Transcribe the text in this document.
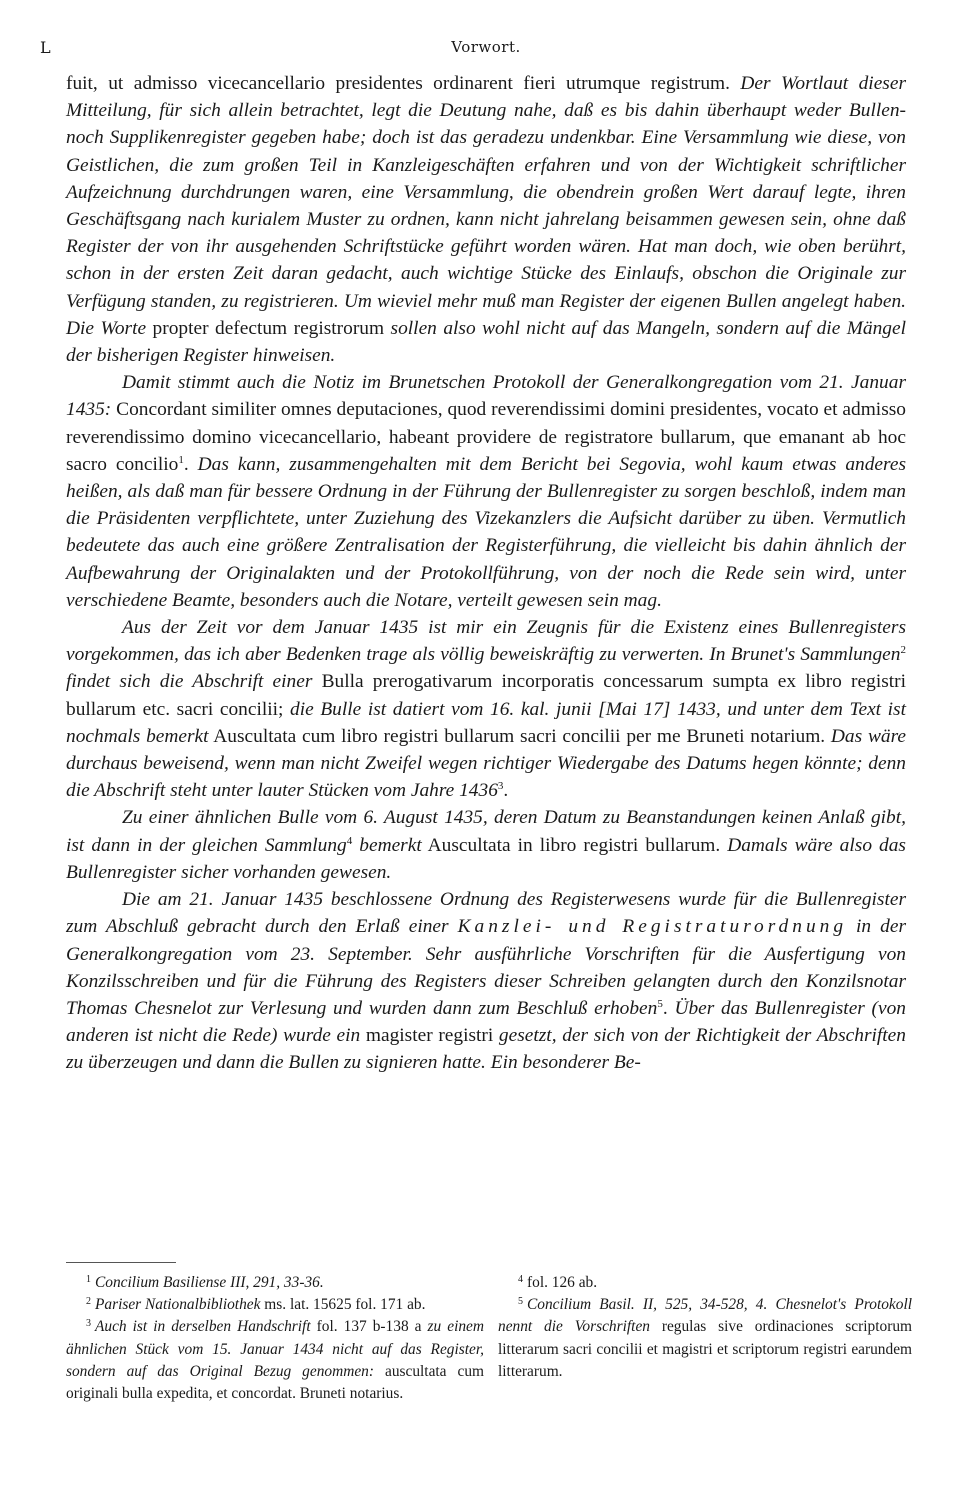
L	Vorwort.

fuit, ut admisso vicecancellario presidentes ordinarent fieri utrumque registrum. Der Wortlaut dieser Mitteilung, für sich allein betrachtet, legt die Deutung nahe, daß es bis dahin überhaupt weder Bullen- noch Supplikenregister gegeben habe; doch ist das geradezu undenkbar. Eine Versammlung wie diese, von Geistlichen, die zum großen Teil in Kanzleigeschäften erfahren und von der Wichtigkeit schriftlicher Aufzeichnung durchdrungen waren, eine Versammlung, die obendrein großen Wert darauf legte, ihren Geschäftsgang nach kurialem Muster zu ordnen, kann nicht jahrelang beisammen gewesen sein, ohne daß Register der von ihr ausgehenden Schriftstücke geführt worden wären. Hat man doch, wie oben berührt, schon in der ersten Zeit daran gedacht, auch wichtige Stücke des Einlaufs, obschon die Originale zur Verfügung standen, zu registrieren. Um wieviel mehr muß man Register der eigenen Bullen angelegt haben. Die Worte propter defectum registrorum sollen also wohl nicht auf das Mangeln, sondern auf die Mängel der bisherigen Register hinweisen.

Damit stimmt auch die Notiz im Brunetschen Protokoll der Generalkongregation vom 21. Januar 1435: Concordant similiter omnes deputaciones, quod reverendissimi domini presidentes, vocato et admisso reverendissimo domino vicecancellario, habeant providere de registratore bullarum, que emanant ab hoc sacro concilio$^1$. Das kann, zusammengehalten mit dem Bericht bei Segovia, wohl kaum etwas anderes heißen, als daß man für bessere Ordnung in der Führung der Bullenregister zu sorgen beschloß, indem man die Präsidenten verpflichtete, unter Zuziehung des Vizekanzlers die Aufsicht darüber zu üben. Vermutlich bedeutete das auch eine größere Zentralisation der Registerführung, die vielleicht bis dahin ähnlich der Aufbewahrung der Originalakten und der Protokollführung, von der noch die Rede sein wird, unter verschiedene Beamte, besonders auch die Notare, verteilt gewesen sein mag.

Aus der Zeit vor dem Januar 1435 ist mir ein Zeugnis für die Existenz eines Bullenregisters vorgekommen, das ich aber Bedenken trage als völlig beweiskräftig zu verwerten. In Brunet's Sammlungen$^2$ findet sich die Abschrift einer Bulla prerogativarum incorporatis concessarum sumpta ex libro registri bullarum etc. sacri concilii; die Bulle ist datiert vom 16. kal. junii [Mai 17] 1433, und unter dem Text ist nochmals bemerkt Auscultata cum libro registri bullarum sacri concilii per me Bruneti notarium. Das wäre durchaus beweisend, wenn man nicht Zweifel wegen richtiger Wiedergabe des Datums hegen könnte; denn die Abschrift steht unter lauter Stücken vom Jahre 1436$^3$.

Zu einer ähnlichen Bulle vom 6. August 1435, deren Datum zu Beanstandungen keinen Anlaß gibt, ist dann in der gleichen Sammlung$^4$ bemerkt Auscultata in libro registri bullarum. Damals wäre also das Bullenregister sicher vorhanden gewesen.

Die am 21. Januar 1435 beschlossene Ordnung des Registerwesens wurde für die Bullenregister zum Abschluß gebracht durch den Erlaß einer Kanzlei- und Registraturordnung in der Generalkongregation vom 23. September. Sehr ausführliche Vorschriften für die Ausfertigung von Konzilsschreiben und für die Führung des Registers dieser Schreiben gelangten durch den Konzilsnotar Thomas Chesnelot zur Verlesung und wurden dann zum Beschluß erhoben$^5$. Über das Bullenregister (von anderen ist nicht die Rede) wurde ein magister registri gesetzt, der sich von der Richtigkeit der Abschriften zu überzeugen und dann die Bullen zu signieren hatte. Ein besonderer Be-

$^1$ Concilium Basiliense III, 291, 33-36.

$^2$ Pariser Nationalbibliothek ms. lat. 15625 fol. 171 ab.

$^3$ Auch ist in derselben Handschrift fol. 137 b-138 a zu einem ähnlichen Stück vom 15. Januar 1434 nicht auf das Register, sondern auf das Original Bezug genommen: auscultata cum originali bulla expedita, et concordat. Bruneti notarius.

$^4$ fol. 126 ab.

$^5$ Concilium Basil. II, 525, 34-528, 4. Chesnelot's Protokoll nennt die Vorschriften regulas sive ordinaciones scriptorum litterarum sacri concilii et magistri et scriptorum registri earundem litterarum.
